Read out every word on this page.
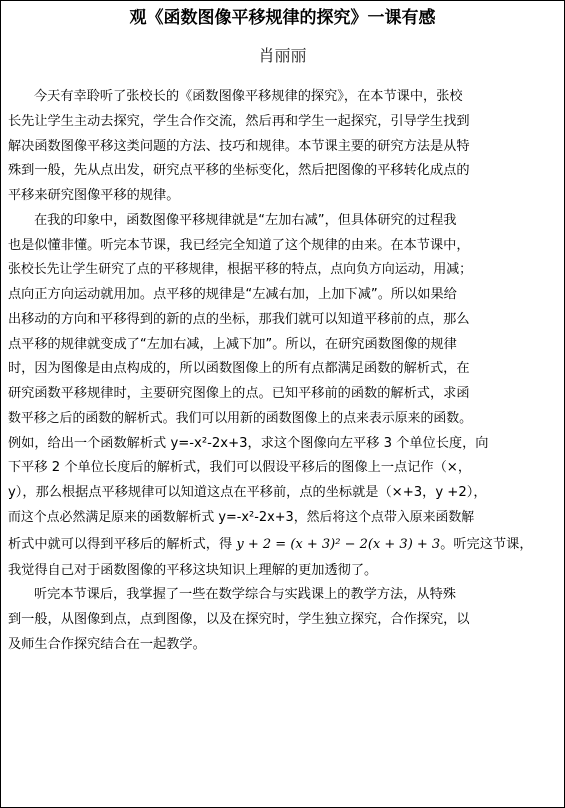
观《函数图像平移规律的探究》一课有感
肖丽丽
今天有幸聆听了张校长的《函数图像平移规律的探究》，在本节课中，张校
长先让学生主动去探究，学生合作交流，然后再和学生一起探究，引导学生找到
解决函数图像平移这类问题的方法、技巧和规律。本节课主要的研究方法是从特
殊到一般，先从点出发，研究点平移的坐标变化，然后把图像的平移转化成点的
平移来研究图像平移的规律。
在我的印象中，函数图像平移规律就是“左加右减”，但具体研究的过程我
也是似懂非懂。听完本节课，我已经完全知道了这个规律的由来。在本节课中，
张校长先让学生研究了点的平移规律，根据平移的特点，点向负方向运动，用减；
点向正方向运动就用加。点平移的规律是“左减右加，上加下减”。所以如果给
出移动的方向和平移得到的新的点的坐标，那我们就可以知道平移前的点，那么
点平移的规律就变成了“左加右减，上减下加”。所以，在研究函数图像的规律
时，因为图像是由点构成的，所以函数图像上的所有点都满足函数的解析式，在
研究函数平移规律时，主要研究图像上的点。已知平移前的函数的解析式，求函
数平移之后的函数的解析式。我们可以用新的函数图像上的点来表示原来的函数。
例如，给出一个函数解析式 y=-x²-2x+3，求这个图像向左平移 3 个单位长度，向
下平移 2 个单位长度后的解析式，我们可以假设平移后的图像上一点记作（×，
y），那么根据点平移规律可以知道这点在平移前，点的坐标就是（×+3，y +2），
而这个点必然满足原来的函数解析式 y=-x²-2x+3，然后将这个点带入原来函数解
析式中就可以得到平移后的解析式，得 y + 2 = (x + 3)² − 2(x + 3) + 3。听完这节课，
我觉得自己对于函数图像的平移这块知识上理解的更加透彻了。
听完本节课后，我掌握了一些在数学综合与实践课上的教学方法，从特殊
到一般，从图像到点，点到图像，以及在探究时，学生独立探究，合作探究，以
及师生合作探究结合在一起教学。
